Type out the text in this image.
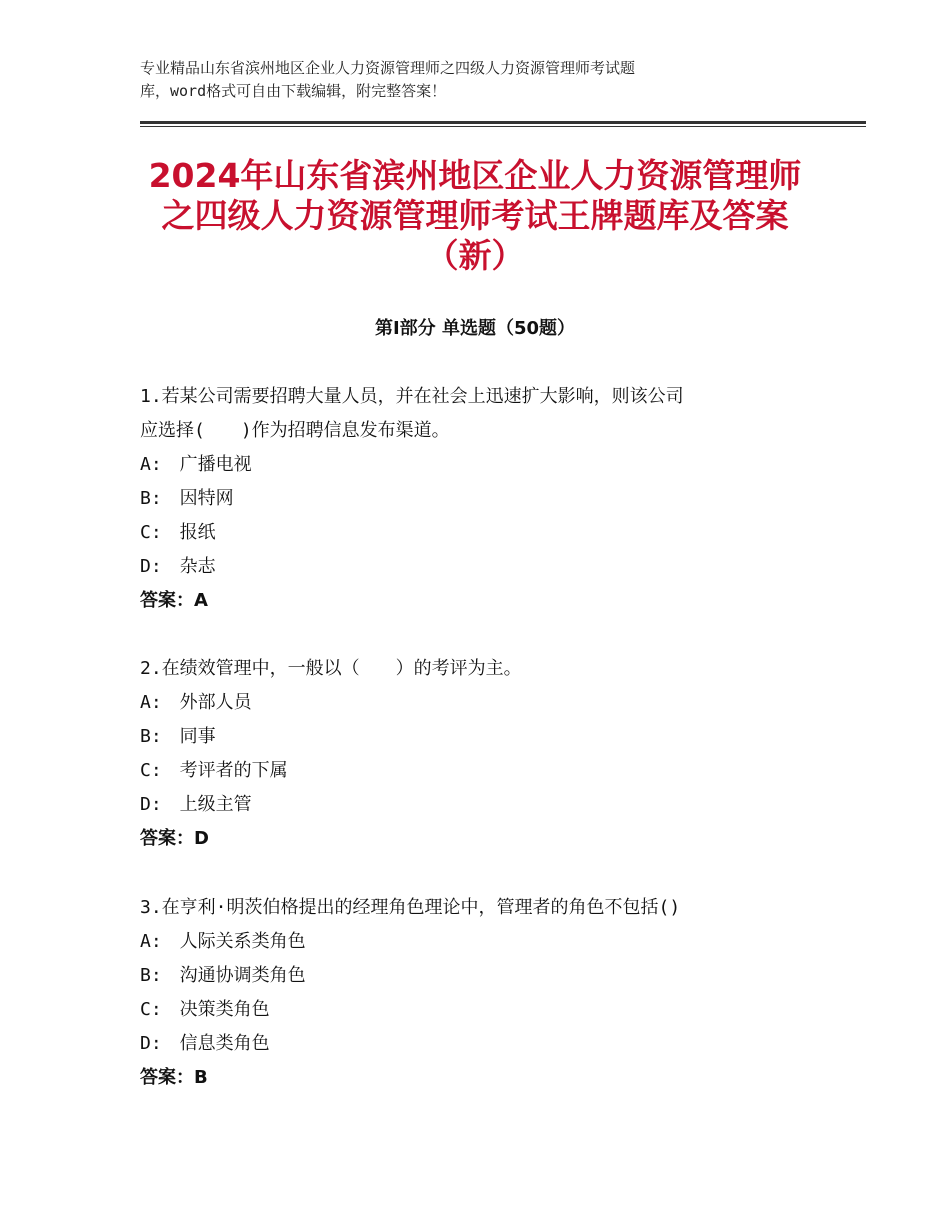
专业精品山东省滨州地区企业人力资源管理师之四级人力资源管理师考试题
库，word格式可自由下载编辑，附完整答案！
2024年山东省滨州地区企业人力资源管理师
之四级人力资源管理师考试王牌题库及答案
（新）
第Ⅰ部分 单选题（50题）

1.若某公司需要招聘大量人员，并在社会上迅速扩大影响，则该公司

应选择(　　)作为招聘信息发布渠道。

A:　广播电视

B:　因特网

C:　报纸

D:　杂志

答案：A

2.在绩效管理中，一般以（　　）的考评为主。

A:　外部人员

B:　同事

C:　考评者的下属

D:　上级主管

答案：D

3.在亨利·明茨伯格提出的经理角色理论中，管理者的角色不包括()

A:　人际关系类角色

B:　沟通协调类角色

C:　决策类角色

D:　信息类角色

答案：B
